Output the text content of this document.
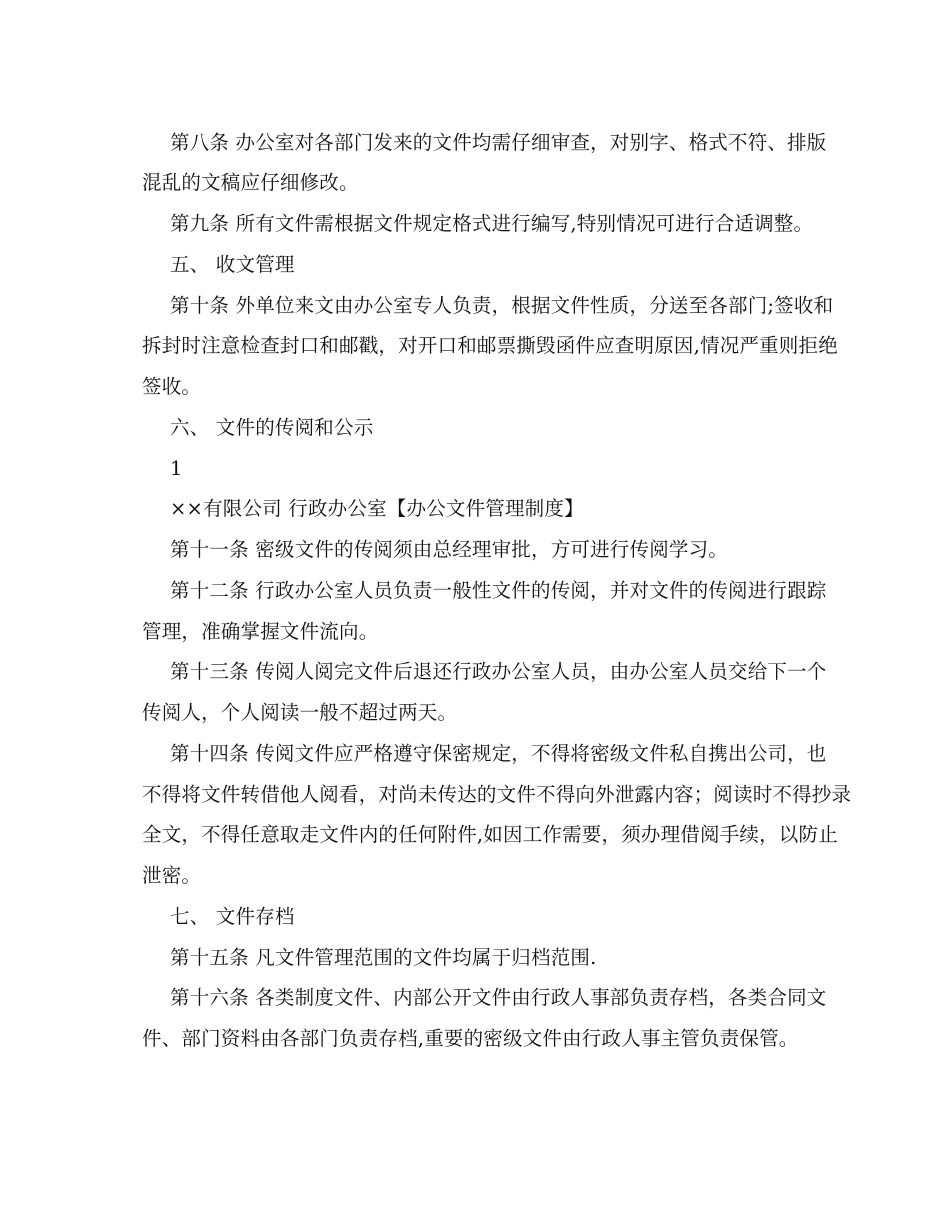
第八条 办公室对各部门发来的文件均需仔细审查，对别字、格式不符、排版
混乱的文稿应仔细修改。
第九条 所有文件需根据文件规定格式进行编写,特别情况可进行合适调整。
五、 收文管理
第十条 外单位来文由办公室专人负责，根据文件性质，分送至各部门;签收和
拆封时注意检查封口和邮戳，对开口和邮票撕毁函件应查明原因,情况严重则拒绝
签收。
六、 文件的传阅和公示
1
××有限公司 行政办公室【办公文件管理制度】
第十一条 密级文件的传阅须由总经理审批，方可进行传阅学习。
第十二条 行政办公室人员负责一般性文件的传阅，并对文件的传阅进行跟踪
管理，准确掌握文件流向。
第十三条 传阅人阅完文件后退还行政办公室人员，由办公室人员交给下一个
传阅人，个人阅读一般不超过两天。
第十四条 传阅文件应严格遵守保密规定，不得将密级文件私自携出公司，也
不得将文件转借他人阅看，对尚未传达的文件不得向外泄露内容；阅读时不得抄录
全文，不得任意取走文件内的任何附件,如因工作需要，须办理借阅手续，以防止
泄密。
七、 文件存档
第十五条 凡文件管理范围的文件均属于归档范围.
第十六条 各类制度文件、内部公开文件由行政人事部负责存档，各类合同文
件、部门资料由各部门负责存档,重要的密级文件由行政人事主管负责保管。
